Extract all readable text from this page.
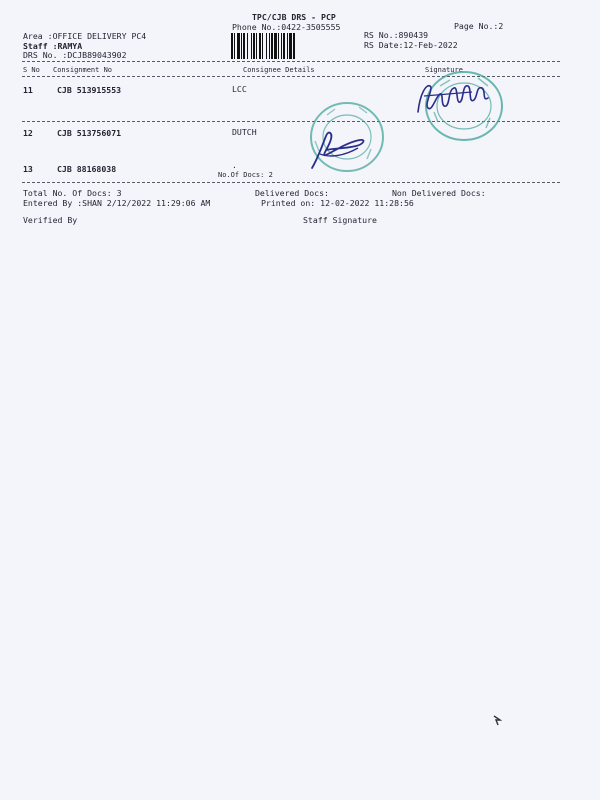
TPC/CJB DRS - PCP
Phone No.:0422-3505555	Page No.:2
Area :OFFICE DELIVERY PC4
Staff :RAMYA
DRS No. :DCJB89043902
RS No.:890439
RS Date:12-Feb-2022
S No Consignment No	Consignee Details	Signature
11	CJB 513915553	LCC
12	CJB 513756071	DUTCH
13	CJB 88168038	.
No.Of Docs: 2
Total No. Of Docs: 3	Delivered Docs:	Non Delivered Docs:
Entered By :SHAN 2/12/2022 11:29:06 AM	Printed on: 12-02-2022 11:28:56
Verified By	Staff Signature
